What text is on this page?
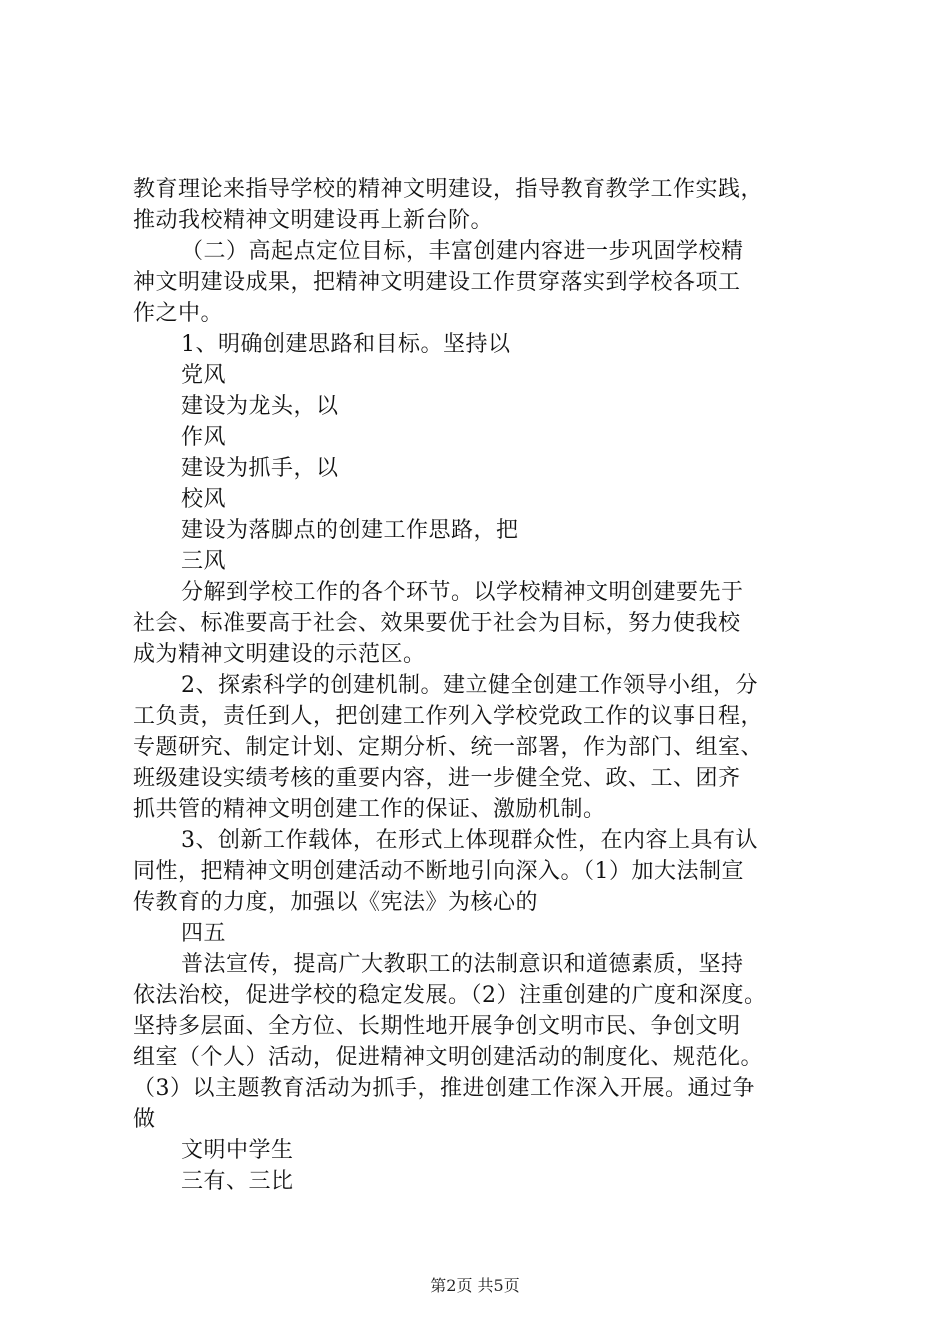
教育理论来指导学校的精神文明建设，指导教育教学工作实践，
推动我校精神文明建设再上新台阶。
（二）高起点定位目标，丰富创建内容进一步巩固学校精
神文明建设成果，把精神文明建设工作贯穿落实到学校各项工
作之中。
1、明确创建思路和目标。坚持以
党风
建设为龙头，以
作风
建设为抓手，以
校风
建设为落脚点的创建工作思路，把
三风
分解到学校工作的各个环节。以学校精神文明创建要先于
社会、标准要高于社会、效果要优于社会为目标，努力使我校
成为精神文明建设的示范区。
2、探索科学的创建机制。建立健全创建工作领导小组，分
工负责，责任到人，把创建工作列入学校党政工作的议事日程，
专题研究、制定计划、定期分析、统一部署，作为部门、组室、
班级建设实绩考核的重要内容，进一步健全党、政、工、团齐
抓共管的精神文明创建工作的保证、激励机制。
3、创新工作载体，在形式上体现群众性，在内容上具有认
同性，把精神文明创建活动不断地引向深入。（1）加大法制宣
传教育的力度，加强以《宪法》为核心的
四五
普法宣传，提高广大教职工的法制意识和道德素质，坚持
依法治校，促进学校的稳定发展。（2）注重创建的广度和深度。
坚持多层面、全方位、长期性地开展争创文明市民、争创文明
组室（个人）活动，促进精神文明创建活动的制度化、规范化。
（3）以主题教育活动为抓手，推进创建工作深入开展。通过争
做
文明中学生
三有、三比
第2页 共5页
